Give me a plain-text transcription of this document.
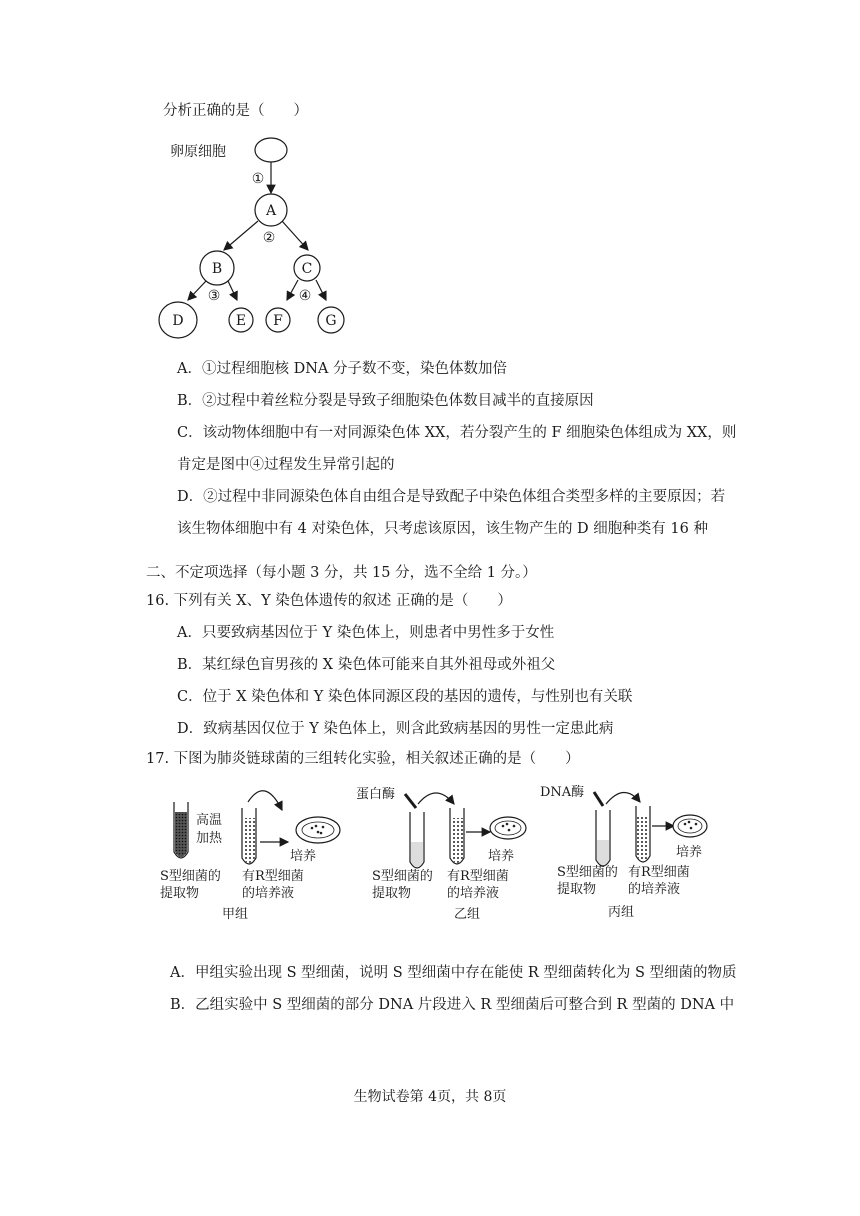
分析正确的是（　　）
卵原细胞
①
A
②
B	C
③	④
D	E F	G
A．①过程细胞核 DNA 分子数不变，染色体数加倍
B．②过程中着丝粒分裂是导致子细胞染色体数目减半的直接原因
C．该动物体细胞中有一对同源染色体 XX，若分裂产生的 F 细胞染色体组成为 XX，则
肯定是图中④过程发生异常引起的
D．②过程中非同源染色体自由组合是导致配子中染色体组合类型多样的主要原因；若
该生物体细胞中有 4 对染色体，只考虑该原因，该生物产生的 D 细胞种类有 16 种
二、不定项选择（每小题 3 分，共 15 分，选不全给 1 分。）
16. 下列有关 X、Y 染色体遗传的叙述 正确的是（　　）
A．只要致病基因位于 Y 染色体上，则患者中男性多于女性
B．某红绿色盲男孩的 X 染色体可能来自其外祖母或外祖父
C．位于 X 染色体和 Y 染色体同源区段的基因的遗传，与性别也有关联
D．致病基因仅位于 Y 染色体上，则含此致病基因的男性一定患此病
17. 下图为肺炎链球菌的三组转化实验，相关叙述正确的是（　　）
高温
加热
培养
S型细菌的
提取物
有R型细菌
的培养液
甲组
蛋白酶
培养
S型细菌的
提取物
有R型细菌
的培养液
乙组
DNA酶
培养
S型细菌的
提取物
有R型细菌
的培养液
丙组
A．甲组实验出现 S 型细菌，说明 S 型细菌中存在能使 R 型细菌转化为 S 型细菌的物质
B．乙组实验中 S 型细菌的部分 DNA 片段进入 R 型细菌后可整合到 R 型菌的 DNA 中
生物试卷第 4页，共 8页
